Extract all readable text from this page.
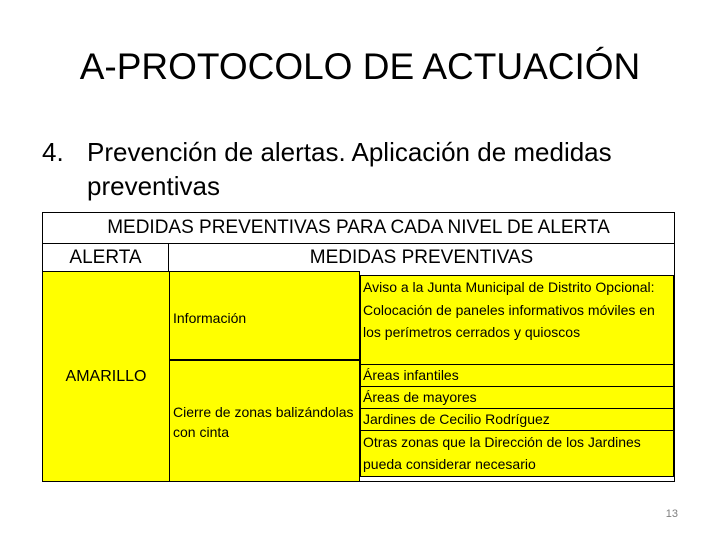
A-PROTOCOLO DE ACTUACIÓN
4. Prevención de alertas. Aplicación de medidas preventivas
MEDIDAS PREVENTIVAS PARA CADA NIVEL DE ALERTA
ALERTA	MEDIDAS PREVENTIVAS
AMARILLO
Información
Cierre de zonas balizándolas con cinta
Aviso a la Junta Municipal de Distrito Opcional: Colocación de paneles informativos móviles en los perímetros cerrados y quioscos
Áreas infantiles
Áreas de mayores
Jardines de Cecilio Rodríguez
Otras zonas que la Dirección de los Jardines pueda considerar necesario
13
